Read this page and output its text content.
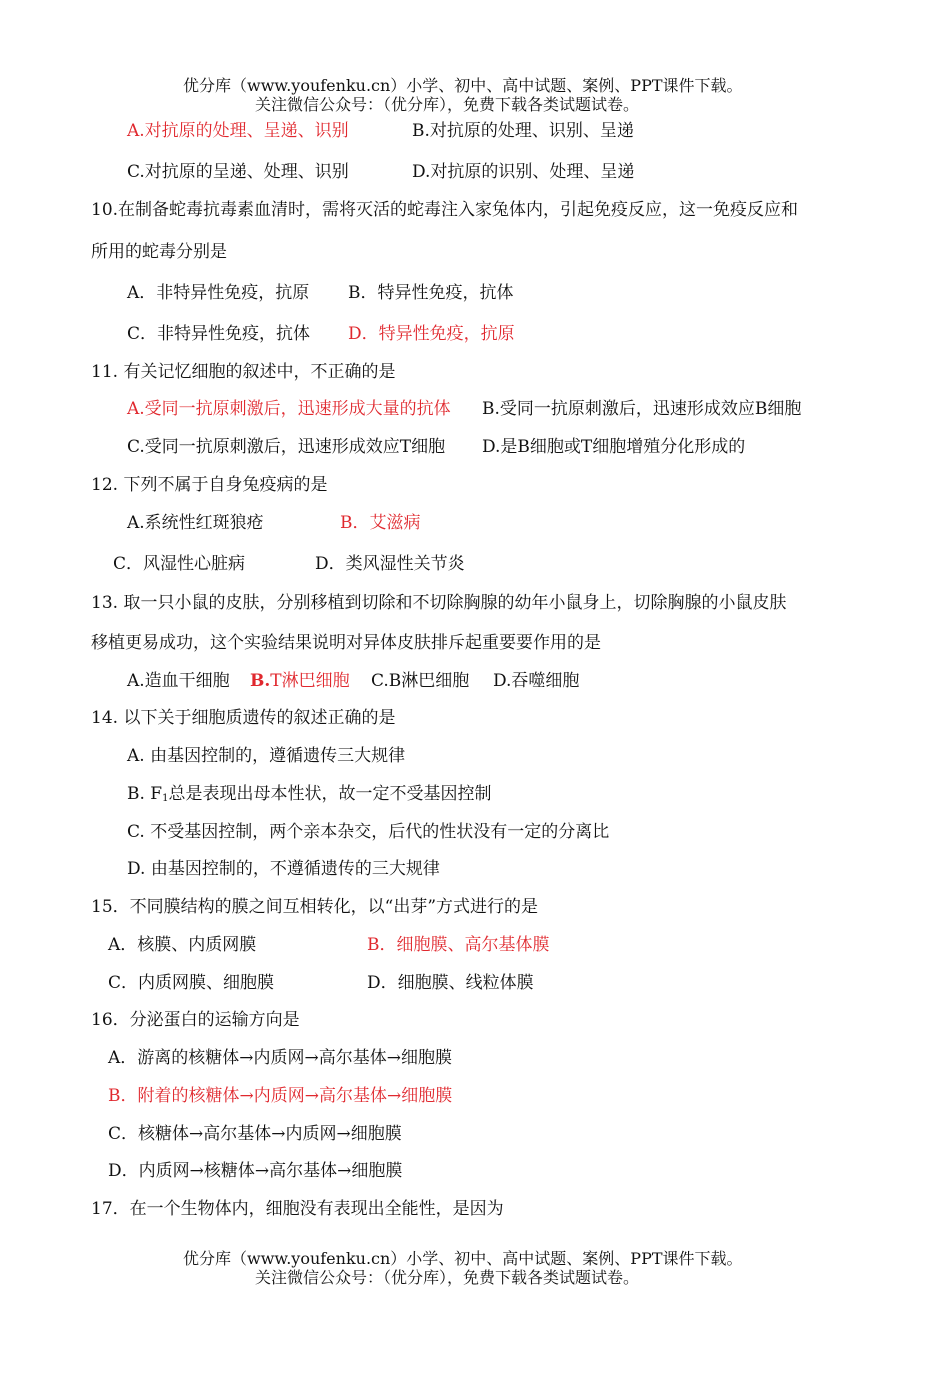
优分库（www.youfenku.cn）小学、初中、高中试题、案例、PPT课件下载。
关注微信公众号：（优分库），免费下载各类试题试卷。
A.对抗原的处理、呈递、识别	B.对抗原的处理、识别、呈递
C.对抗原的呈递、处理、识别	D.对抗原的识别、处理、呈递
10.在制备蛇毒抗毒素血清时，需将灭活的蛇毒注入家兔体内，引起免疫反应，这一免疫反应和
所用的蛇毒分别是
A．非特异性免疫，抗原 B．特异性免疫，抗体
C．非特异性免疫，抗体 D．特异性免疫，抗原
11. 有关记忆细胞的叙述中，不正确的是
A.受同一抗原刺激后，迅速形成大量的抗体 B.受同一抗原刺激后，迅速形成效应B细胞
C.受同一抗原刺激后，迅速形成效应T细胞 D.是B细胞或T细胞增殖分化形成的
12. 下列不属于自身兔疫病的是
A.系统性红斑狼疮	B．艾滋病
C．风湿性心脏病	D．类风湿性关节炎
13. 取一只小鼠的皮肤，分别移植到切除和不切除胸腺的幼年小鼠身上，切除胸腺的小鼠皮肤
移植更易成功，这个实验结果说明对异体皮肤排斥起重要要作用的是
A.造血干细胞 B.T淋巴细胞 C.B淋巴细胞 D.吞噬细胞
14. 以下关于细胞质遗传的叙述正确的是
A. 由基因控制的，遵循遗传三大规律
B. $F_1$总是表现出母本性状，故一定不受基因控制
C. 不受基因控制，两个亲本杂交，后代的性状没有一定的分离比
D. 由基因控制的，不遵循遗传的三大规律
15．不同膜结构的膜之间互相转化，以“出芽”方式进行的是
A．核膜、内质网膜	B．细胞膜、高尔基体膜
C．内质网膜、细胞膜	D．细胞膜、线粒体膜
16．分泌蛋白的运输方向是
A．游离的核糖体→内质网→高尔基体→细胞膜
B．附着的核糖体→内质网→高尔基体→细胞膜
C．核糖体→高尔基体→内质网→细胞膜
D．内质网→核糖体→高尔基体→细胞膜
17．在一个生物体内，细胞没有表现出全能性，是因为
优分库（www.youfenku.cn）小学、初中、高中试题、案例、PPT课件下载。
关注微信公众号：（优分库），免费下载各类试题试卷。
